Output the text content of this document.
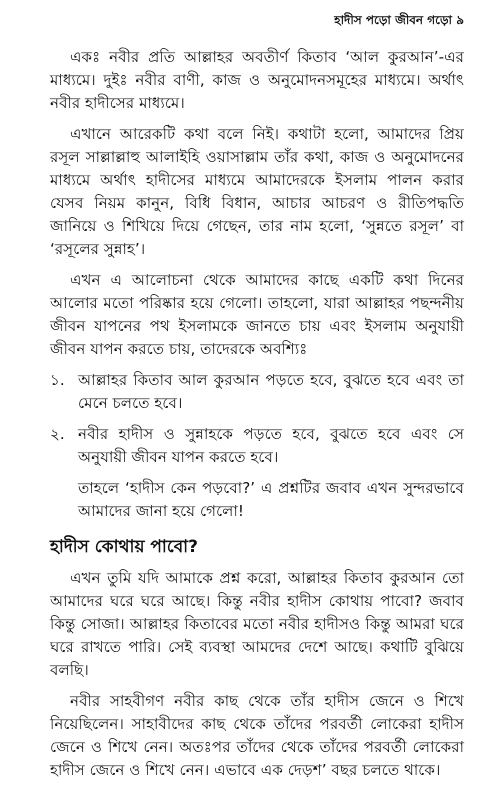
হাদীস পড়ো জীবন গড়ো ৯

একঃ নবীর প্রতি আল্লাহর অবতীর্ণ কিতাব ‘আল কুরআন’-এর মাধ্যমে। দুইঃ নবীর বাণী, কাজ ও অনুমোদনসমূহের মাধ্যমে। অর্থাৎ নবীর হাদীসের মাধ্যমে।

এখানে আরেকটি কথা বলে নিই। কথাটা হলো, আমাদের প্রিয় রসূল সাল্লাল্লাহু আলাইহি ওয়াসাল্লাম তাঁর কথা, কাজ ও অনুমোদনের মাধ্যমে অর্থাৎ হাদীসের মাধ্যমে আমাদেরকে ইসলাম পালন করার যেসব নিয়ম কানুন, বিধি বিধান, আচার আচরণ ও রীতিপদ্ধতি জানিয়ে ও শিখিয়ে দিয়ে গেছেন, তার নাম হলো, ‘সুন্নতে রসূল’ বা ‘রসূলের সুন্নাহ’।

এখন এ আলোচনা থেকে আমাদের কাছে একটি কথা দিনের আলোর মতো পরিষ্কার হয়ে গেলো। তাহলো, যারা আল্লাহর পছন্দনীয় জীবন যাপনের পথ ইসলামকে জানতে চায় এবং ইসলাম অনুযায়ী জীবন যাপন করতে চায়, তাদেরকে অবশ্যিঃ

১. আল্লাহর কিতাব আল কুরআন পড়তে হবে, বুঝতে হবে এবং তা মেনে চলতে হবে।
২. নবীর হাদীস ও সুন্নাহকে পড়তে হবে, বুঝতে হবে এবং সে অনুযায়ী জীবন যাপন করতে হবে।

তাহলে ‘হাদীস কেন পড়বো?’ এ প্রশ্নটির জবাব এখন সুন্দরভাবে আমাদের জানা হয়ে গেলো!

হাদীস কোথায় পাবো?

এখন তুমি যদি আমাকে প্রশ্ন করো, আল্লাহর কিতাব কুরআন তো আমাদের ঘরে ঘরে আছে। কিন্তু নবীর হাদীস কোথায় পাবো? জবাব কিন্তু সোজা। আল্লাহর কিতাবের মতো নবীর হাদীসও কিন্তু আমরা ঘরে ঘরে রাখতে পারি। সেই ব্যবস্থা আমদের দেশে আছে। কথাটি বুঝিয়ে বলছি।

নবীর সাহবীগণ নবীর কাছ থেকে তাঁর হাদীস জেনে ও শিখে নিয়েছিলেন। সাহাবীদের কাছ থেকে তাঁদের পরবর্তী লোকেরা হাদীস জেনে ও শিখে নেন। অতঃপর তাঁদের থেকে তাঁদের পরবর্তী লোকেরা হাদীস জেনে ও শিখে নেন। এভাবে এক দেড়শ’ বছর চলতে থাকে।
